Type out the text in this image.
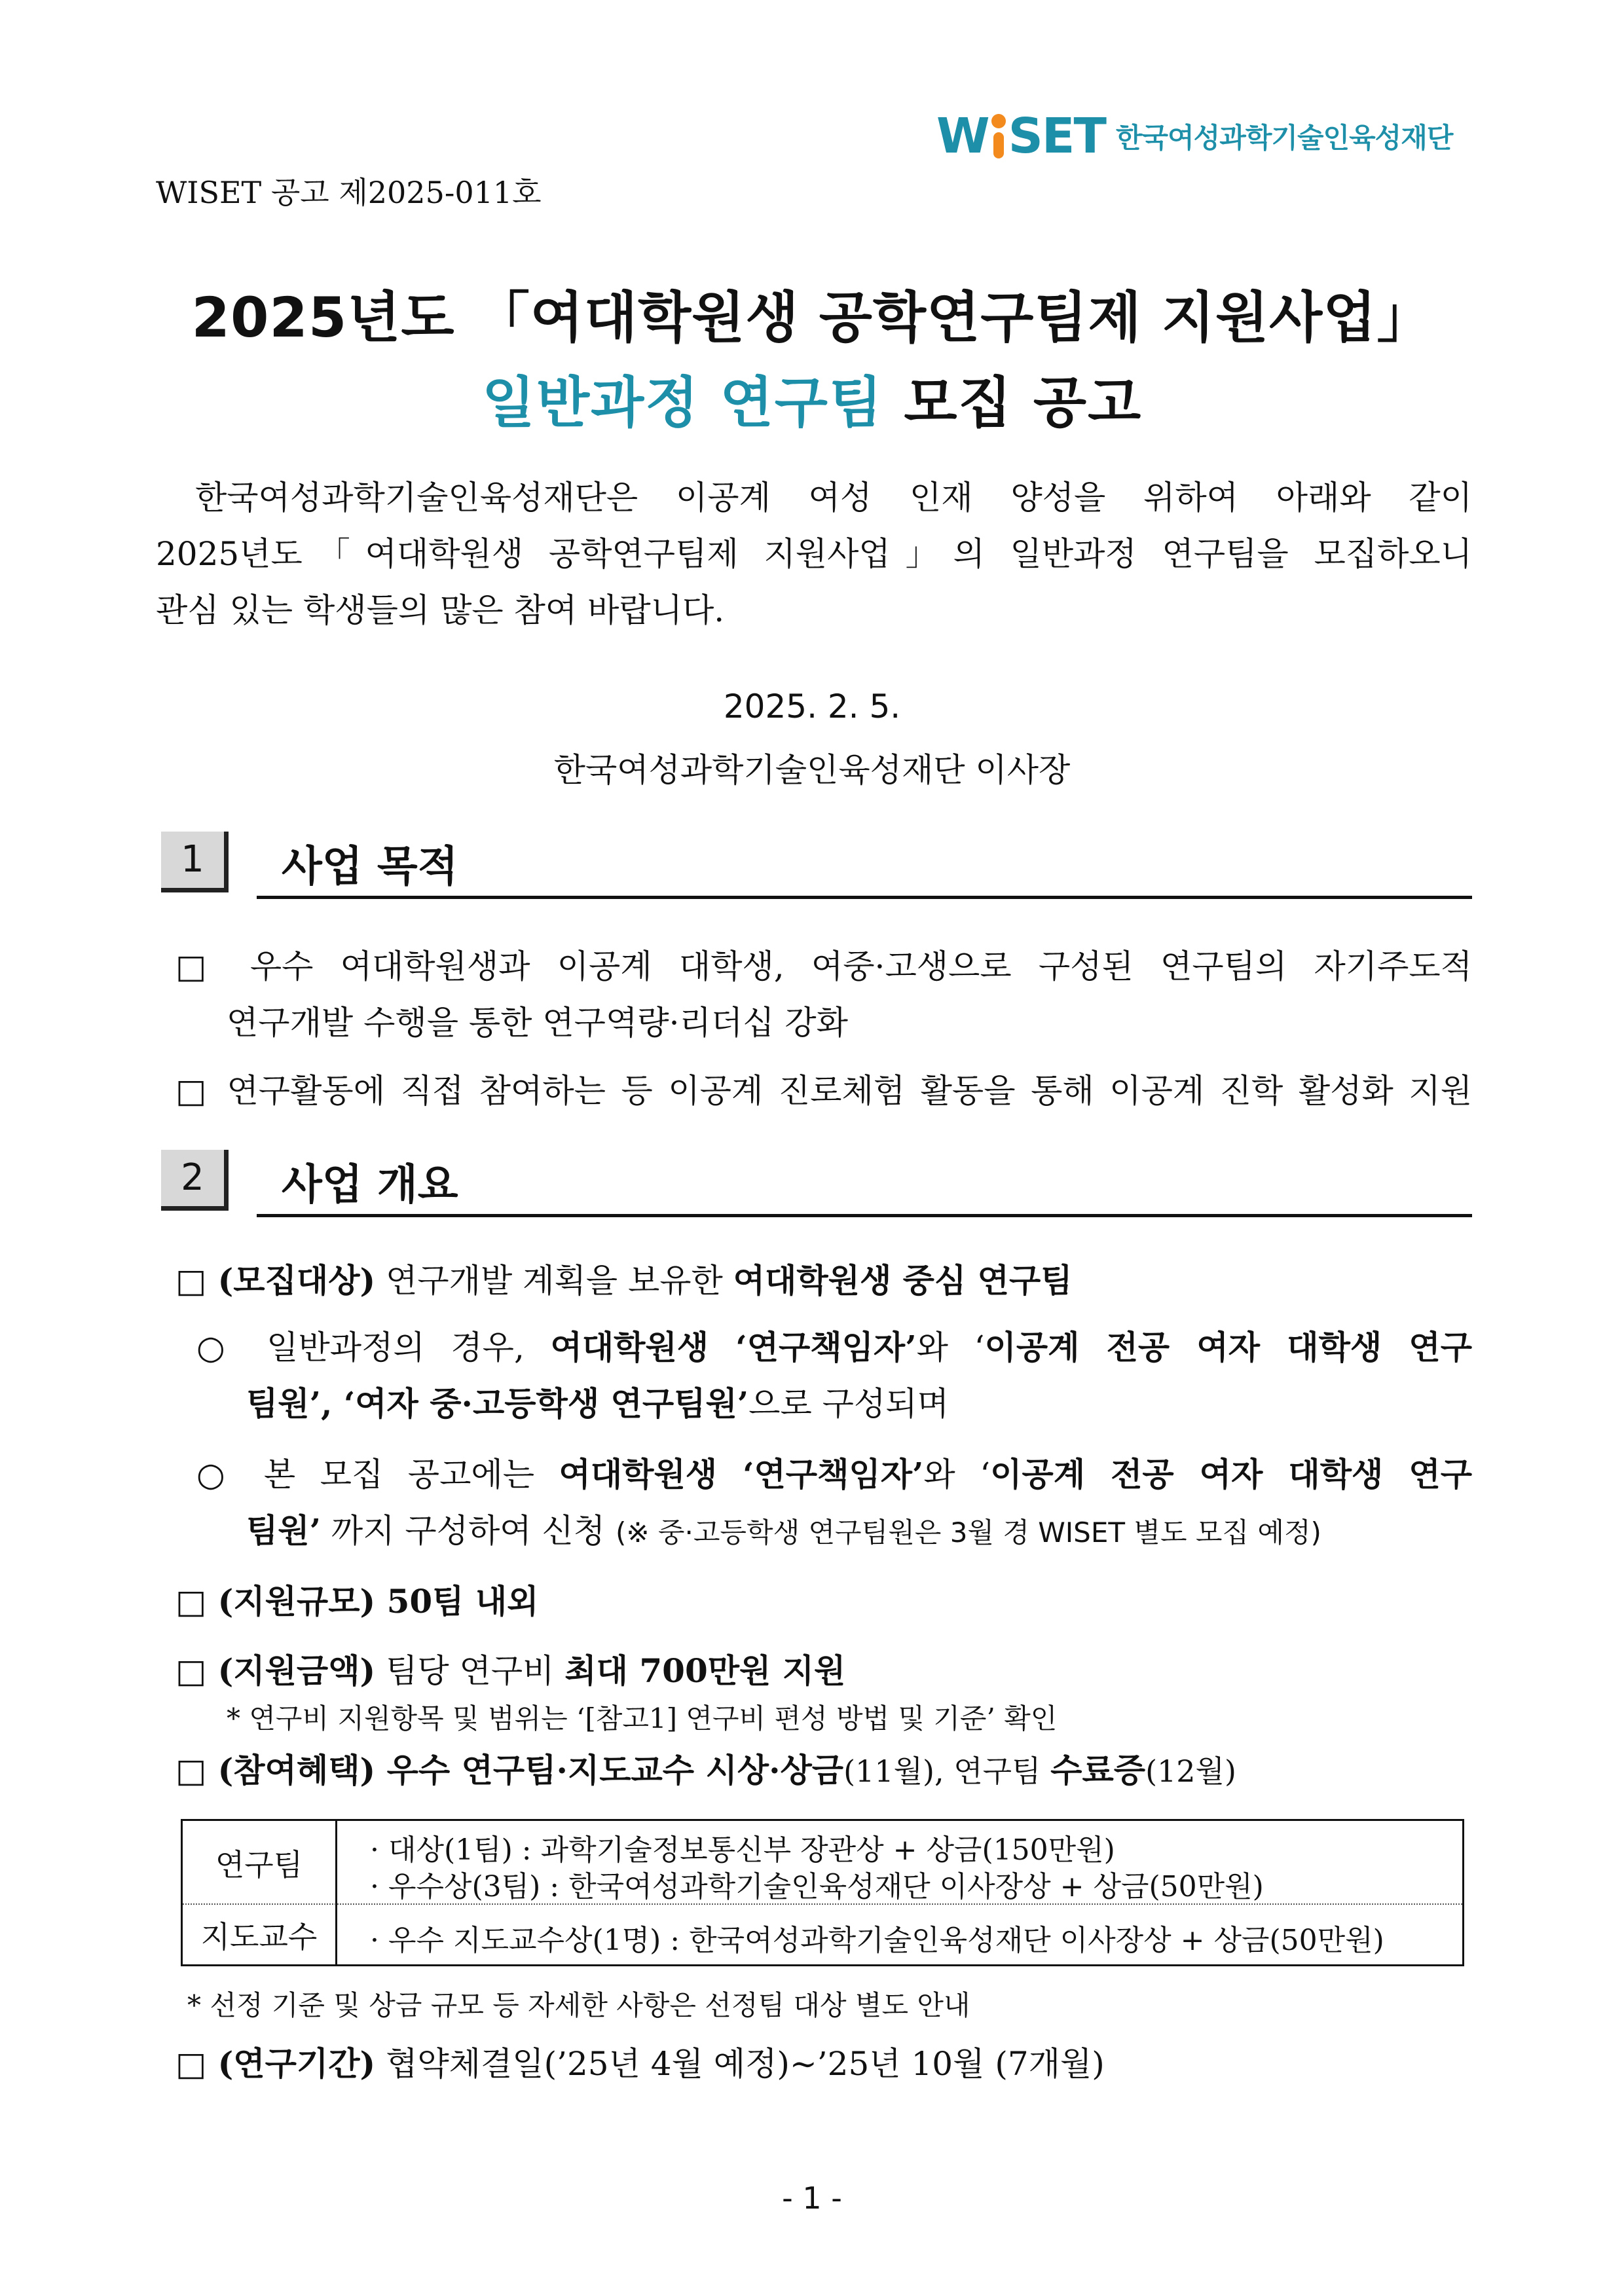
W SET 한국여성과학기술인육성재단
WISET 공고 제2025-011호
2025년도 「여대학원생 공학연구팀제 지원사업」
일반과정 연구팀 모집 공고
한국여성과학기술인육성재단은 이공계 여성 인재 양성을 위하여 아래와 같이
2025년도「여대학원생 공학연구팀제 지원사업」의 일반과정 연구팀을 모집하오니
관심 있는 학생들의 많은 참여 바랍니다.
2025. 2. 5.
한국여성과학기술인육성재단 이사장
1	사업 목적
□ 우수 여대학원생과 이공계 대학생, 여중·고생으로 구성된 연구팀의 자기주도적
연구개발 수행을 통한 연구역량·리더십 강화
□ 연구활동에 직접 참여하는 등 이공계 진로체험 활동을 통해 이공계 진학 활성화 지원
2	사업 개요
□ (모집대상) 연구개발 계획을 보유한 여대학원생 중심 연구팀
○ 일반과정의 경우, 여대학원생 ‘연구책임자’와 ‘이공계 전공 여자 대학생 연구
팀원’, ‘여자 중·고등학생 연구팀원’으로 구성되며
○ 본 모집 공고에는 여대학원생 ‘연구책임자’와 ‘이공계 전공 여자 대학생 연구
팀원’ 까지 구성하여 신청 (※ 중·고등학생 연구팀원은 3월 경 WISET 별도 모집 예정)
□ (지원규모) 50팀 내외
□ (지원금액) 팀당 연구비 최대 700만원 지원
* 연구비 지원항목 및 범위는 ‘[참고1] 연구비 편성 방법 및 기준’ 확인
□ (참여혜택) 우수 연구팀·지도교수 시상·상금(11월), 연구팀 수료증(12월)
연구팀	· 대상(1팀) : 과학기술정보통신부 장관상 + 상금(150만원)
· 우수상(3팀) : 한국여성과학기술인육성재단 이사장상 + 상금(50만원)
지도교수	· 우수 지도교수상(1명) : 한국여성과학기술인육성재단 이사장상 + 상금(50만원)
* 선정 기준 및 상금 규모 등 자세한 사항은 선정팀 대상 별도 안내
□ (연구기간) 협약체결일(’25년 4월 예정)∼’25년 10월 (7개월)
- 1 -
